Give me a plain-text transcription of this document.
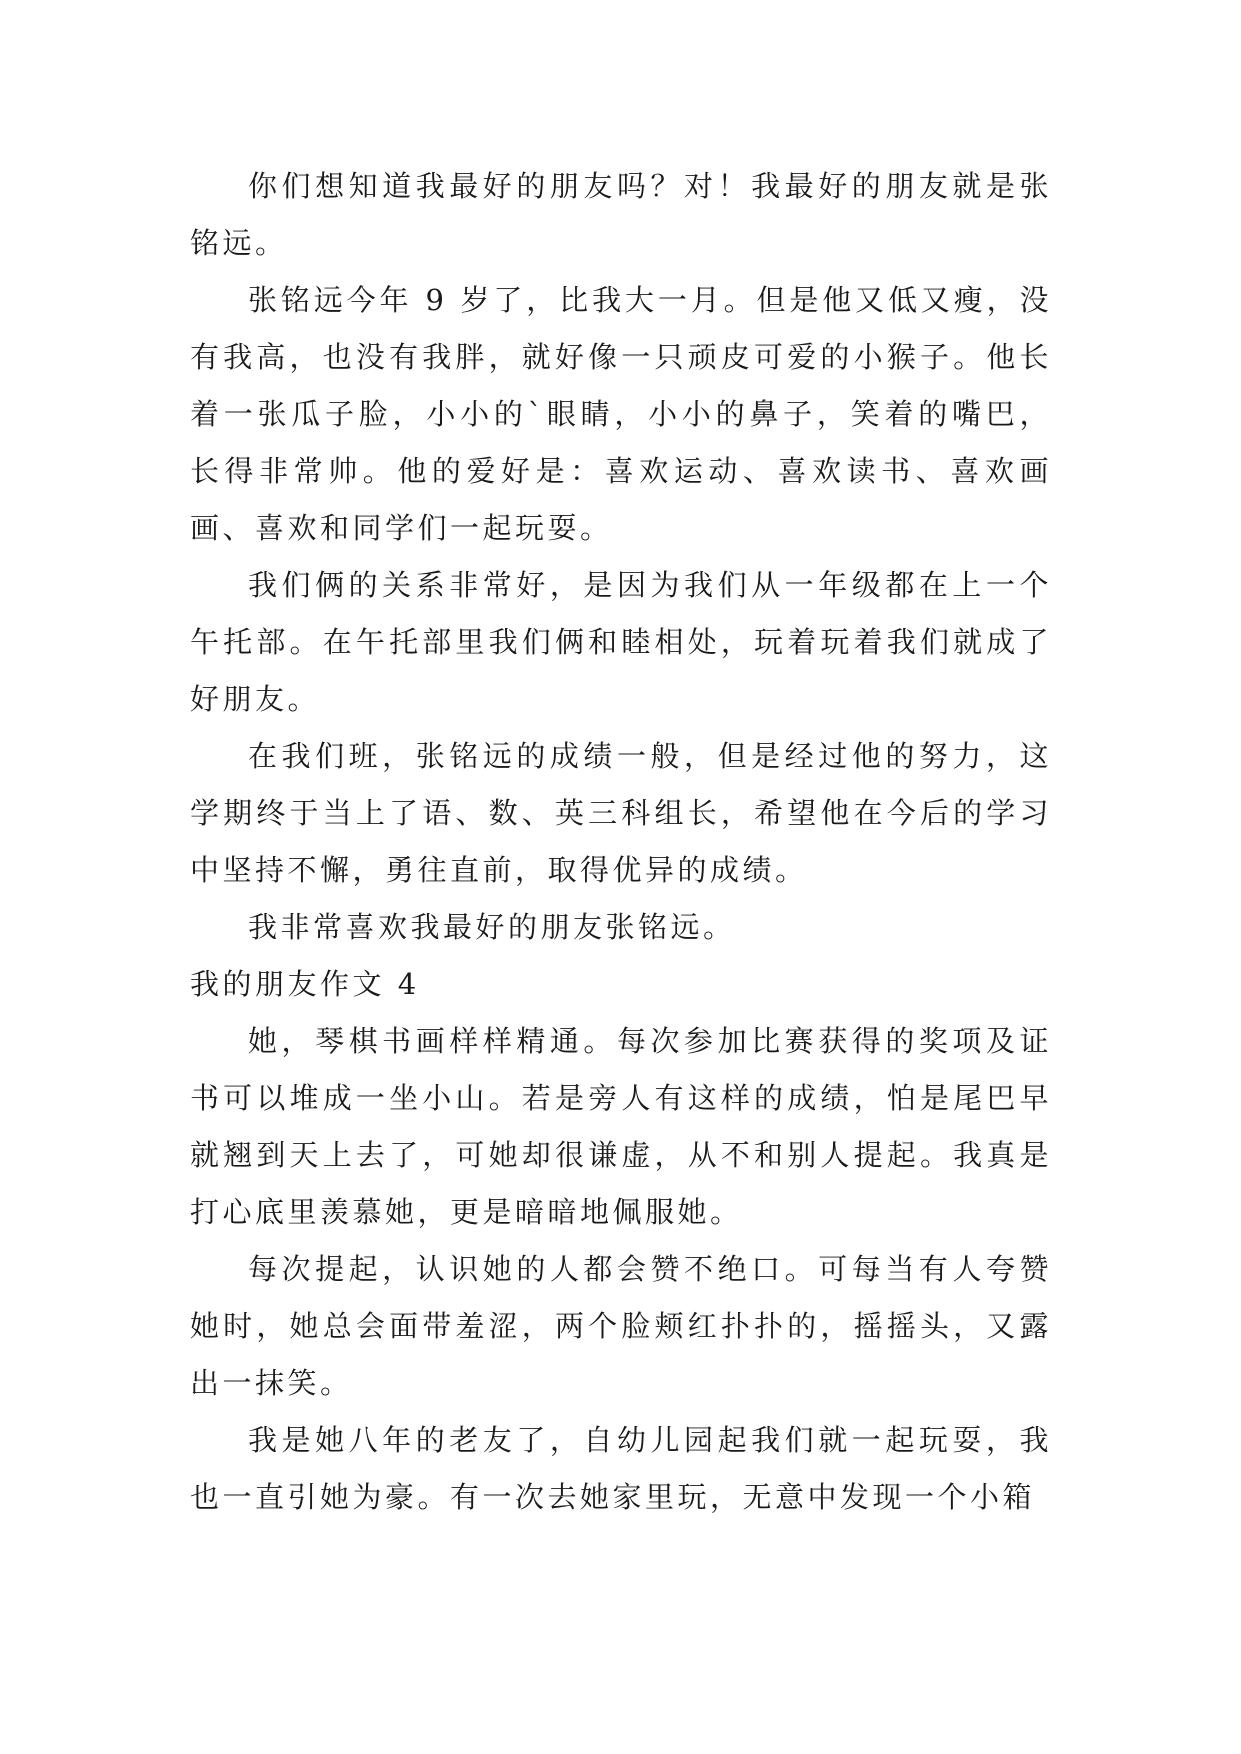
你们想知道我最好的朋友吗？对！我最好的朋友就是张铭远。

张铭远今年 9 岁了，比我大一月。但是他又低又瘦，没有我高，也没有我胖，就好像一只顽皮可爱的小猴子。他长着一张瓜子脸，小小的`眼睛，小小的鼻子，笑着的嘴巴，长得非常帅。他的爱好是：喜欢运动、喜欢读书、喜欢画画、喜欢和同学们一起玩耍。

我们俩的关系非常好，是因为我们从一年级都在上一个午托部。在午托部里我们俩和睦相处，玩着玩着我们就成了好朋友。

在我们班，张铭远的成绩一般，但是经过他的努力，这学期终于当上了语、数、英三科组长，希望他在今后的学习中坚持不懈，勇往直前，取得优异的成绩。

我非常喜欢我最好的朋友张铭远。

我的朋友作文 4

她，琴棋书画样样精通。每次参加比赛获得的奖项及证书可以堆成一坐小山。若是旁人有这样的成绩，怕是尾巴早就翘到天上去了，可她却很谦虚，从不和别人提起。我真是打心底里羡慕她，更是暗暗地佩服她。

每次提起，认识她的人都会赞不绝口。可每当有人夸赞她时，她总会面带羞涩，两个脸颊红扑扑的，摇摇头，又露出一抹笑。

我是她八年的老友了，自幼儿园起我们就一起玩耍，我也一直引她为豪。有一次去她家里玩，无意中发现一个小箱
